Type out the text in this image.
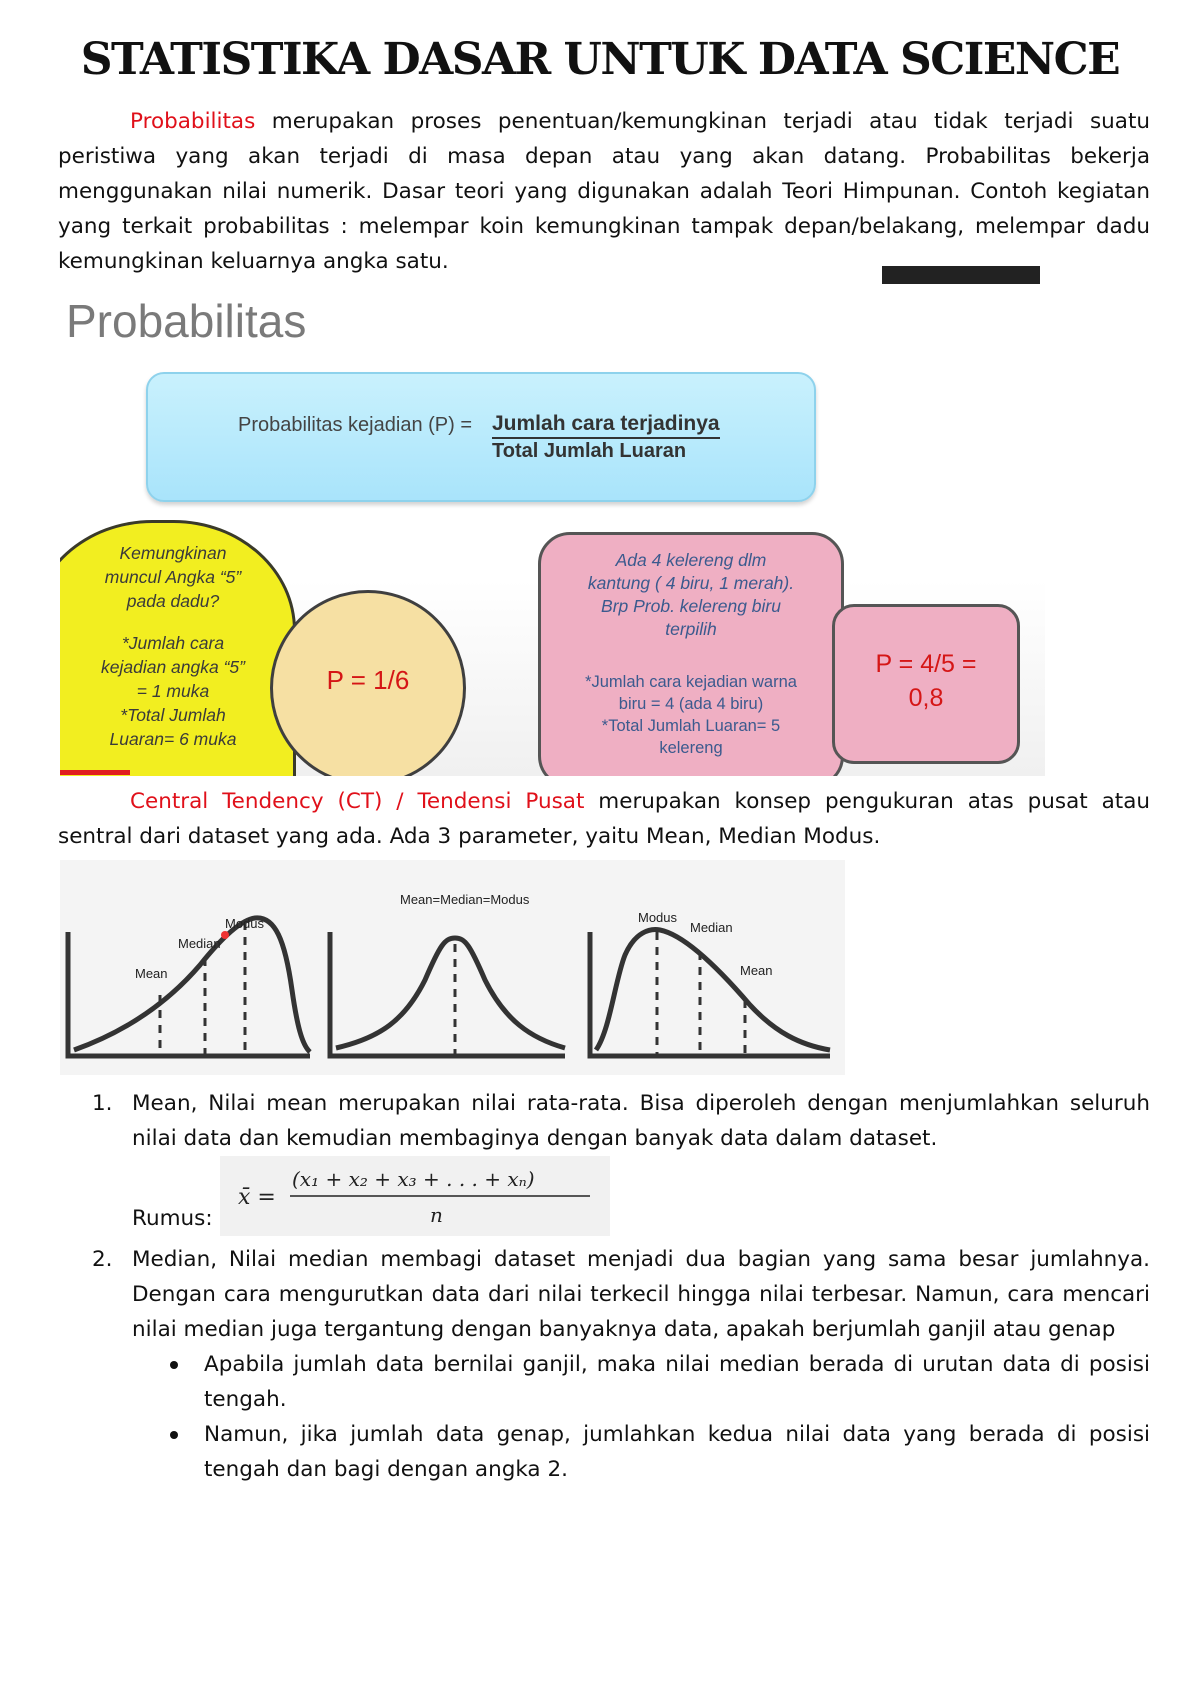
STATISTIKA DASAR UNTUK DATA SCIENCE
Probabilitas merupakan proses penentuan/kemungkinan terjadi atau tidak terjadi suatu peristiwa yang akan terjadi di masa depan atau yang akan datang. Probabilitas bekerja menggunakan nilai numerik. Dasar teori yang digunakan adalah Teori Himpunan. Contoh kegiatan yang terkait probabilitas : melempar koin kemungkinan tampak depan/belakang, melempar dadu kemungkinan keluarnya angka satu.
Probabilitas
Probabilitas kejadian (P) = Jumlah cara terjadinya
Total Jumlah Luaran
Kemungkinan
muncul Angka “5”
pada dadu?
*Jumlah cara
kejadian angka “5”
= 1 muka
*Total Jumlah
Luaran= 6 muka
P = 1/6
Ada 4 kelereng dlm
kantung ( 4 biru, 1 merah).
Brp Prob. kelereng biru
terpilih
*Jumlah cara kejadian warna
biru = 4 (ada 4 biru)
*Total Jumlah Luaran= 5
kelereng
P = 4/5 =
0,8
Central Tendency (CT) / Tendensi Pusat merupakan konsep pengukuran atas pusat atau sentral dari dataset yang ada. Ada 3 parameter, yaitu Mean, Median Modus.
Mean
Median
Modus
Mean=Median=Modus
Modus
Median
Mean
1. Mean, Nilai mean merupakan nilai rata-rata. Bisa diperoleh dengan menjumlahkan seluruh nilai data dan kemudian membaginya dengan banyak data dalam dataset.
Rumus:
x̄ =
(x₁ + x₂ + x₃ + . . . + xₙ)
n
2. Median, Nilai median membagi dataset menjadi dua bagian yang sama besar jumlahnya. Dengan cara mengurutkan data dari nilai terkecil hingga nilai terbesar. Namun, cara mencari nilai median juga tergantung dengan banyaknya data, apakah berjumlah ganjil atau genap
Apabila jumlah data bernilai ganjil, maka nilai median berada di urutan data di posisi tengah.
Namun, jika jumlah data genap, jumlahkan kedua nilai data yang berada di posisi tengah dan bagi dengan angka 2.
